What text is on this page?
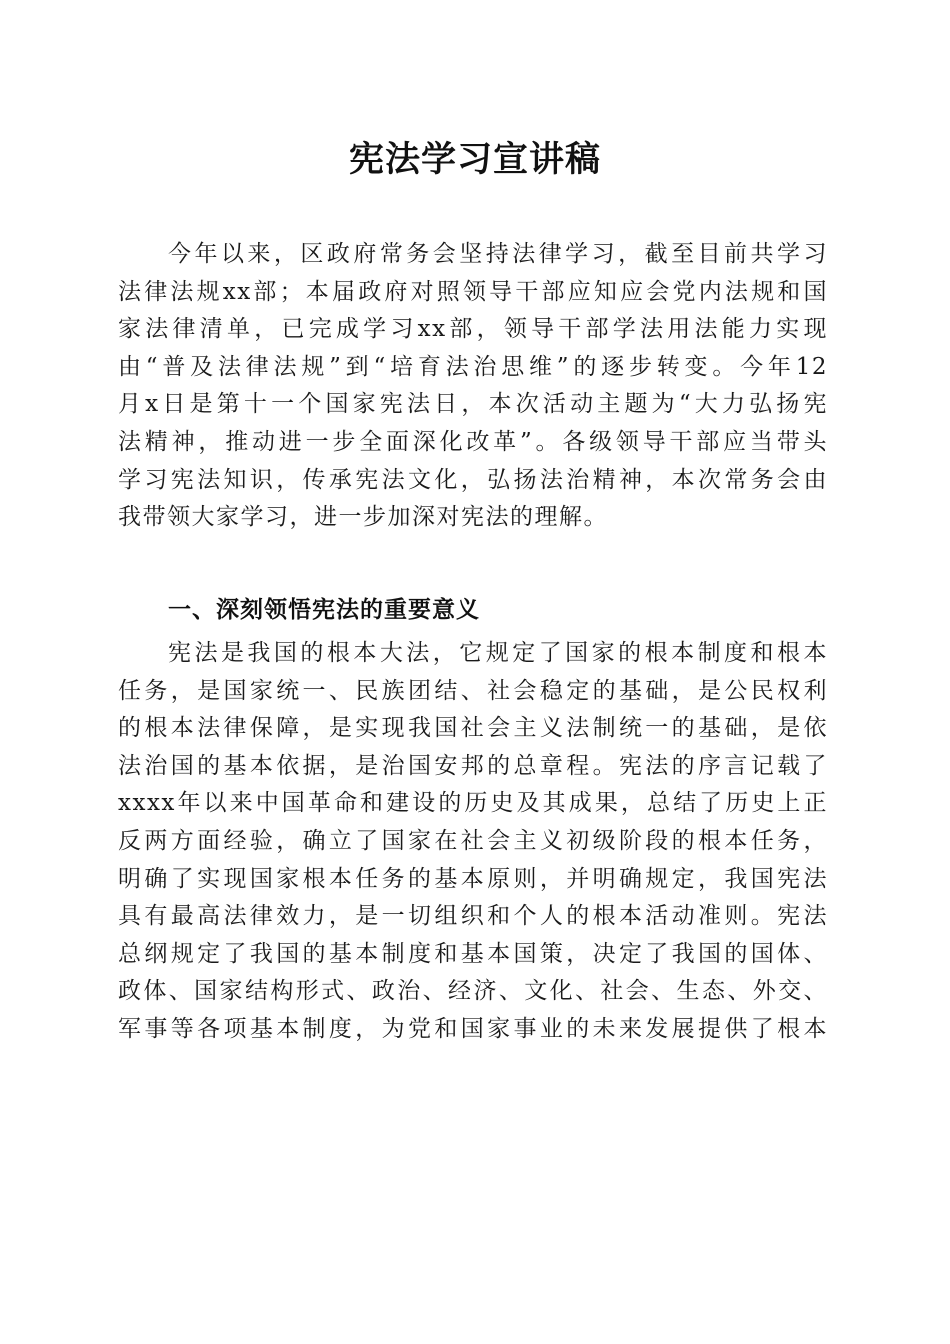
宪法学习宣讲稿
今年以来，区政府常务会坚持法律学习，截至目前共学习
法律法规xx部；本届政府对照领导干部应知应会党内法规和国
家法律清单，已完成学习xx部，领导干部学法用法能力实现
由“普及法律法规”到“培育法治思维”的逐步转变。今年12
月x日是第十一个国家宪法日，本次活动主题为“大力弘扬宪
法精神，推动进一步全面深化改革”。各级领导干部应当带头
学习宪法知识，传承宪法文化，弘扬法治精神，本次常务会由
我带领大家学习，进一步加深对宪法的理解。
一、深刻领悟宪法的重要意义
宪法是我国的根本大法，它规定了国家的根本制度和根本
任务，是国家统一、民族团结、社会稳定的基础，是公民权利
的根本法律保障，是实现我国社会主义法制统一的基础，是依
法治国的基本依据，是治国安邦的总章程。宪法的序言记载了
xxxx年以来中国革命和建设的历史及其成果，总结了历史上正
反两方面经验，确立了国家在社会主义初级阶段的根本任务，
明确了实现国家根本任务的基本原则，并明确规定，我国宪法
具有最高法律效力，是一切组织和个人的根本活动准则。宪法
总纲规定了我国的基本制度和基本国策，决定了我国的国体、
政体、国家结构形式、政治、经济、文化、社会、生态、外交、
军事等各项基本制度，为党和国家事业的未来发展提供了根本
